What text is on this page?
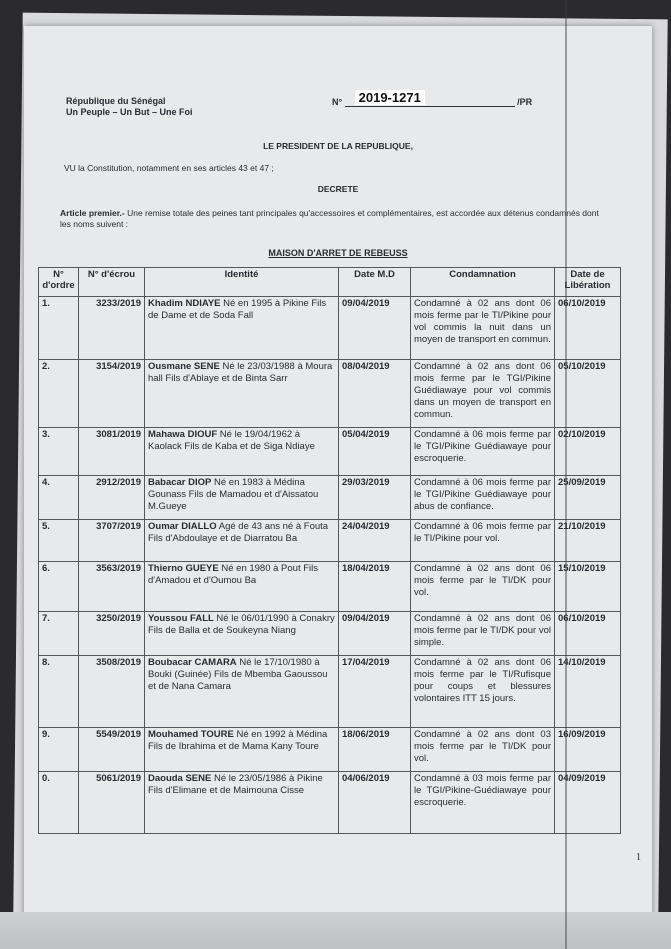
République du Sénégal
Un Peuple – Un But – Une Foi
N°	2019-1271	/PR
LE PRESIDENT DE LA REPUBLIQUE,
VU la Constitution, notamment en ses articles 43 et 47 ;
DECRETE
Article premier.- Une remise totale des peines tant principales qu'accessoires et complémentaires, est accordée aux détenus condamnés dont les noms suivent :
MAISON D'ARRET DE REBEUSS
N° d'ordre	N° d'écrou	Identité	Date M.D	Condamnation	Date de Libération
1.	3233/2019	Khadim NDIAYE Né en 1995 à Pikine Fils de Dame et de Soda Fall	09/04/2019	Condamné à 02 ans dont 06 mois ferme par le TI/Pikine pour vol commis la nuit dans un moyen de transport en commun.	06/10/2019
2.	3154/2019	Ousmane SENE Né le 23/03/1988 à Moura hall Fils d'Ablaye et de Binta Sarr	08/04/2019	Condamné à 02 ans dont 06 mois ferme par le TGI/Pikine Guédiawaye pour vol commis dans un moyen de transport en commun.	05/10/2019
3.	3081/2019	Mahawa DIOUF Né le 19/04/1962 à Kaolack Fils de Kaba et de Siga Ndiaye	05/04/2019	Condamné à 06 mois ferme par le TGI/Pikine Guédiawaye pour escroquerie.	02/10/2019
4.	2912/2019	Babacar DIOP Né en 1983 à Médina Gounass Fils de Mamadou et d'Aissatou M.Gueye	29/03/2019	Condamné à 06 mois ferme par le TGI/Pikine Guédiawaye pour abus de confiance.	25/09/2019
5.	3707/2019	Oumar DIALLO Agé de 43 ans né à Fouta Fils d'Abdoulaye et de Diarratou Ba	24/04/2019	Condamné à 06 mois ferme par le TI/Pikine pour vol.	21/10/2019
6.	3563/2019	Thierno GUEYE Né en 1980 à Pout Fils d'Amadou et d'Oumou Ba	18/04/2019	Condamné à 02 ans dont 06 mois ferme par le TI/DK pour vol.	15/10/2019
7.	3250/2019	Youssou FALL Né le 06/01/1990 à Conakry Fils de Balla et de Soukeyna Niang	09/04/2019	Condamné à 02 ans dont 06 mois ferme par le TI/DK pour vol simple.	06/10/2019
8.	3508/2019	Boubacar CAMARA Né le 17/10/1980 à Bouki (Guinée) Fils de Mbemba Gaoussou et de Nana Camara	17/04/2019	Condamné à 02 ans dont 06 mois ferme par le TI/Rufisque pour coups et blessures volontaires ITT 15 jours.	14/10/2019
9.	5549/2019	Mouhamed TOURE Né en 1992 à Médina Fils de Ibrahima et de Mama Kany Toure	18/06/2019	Condamné à 02 ans dont 03 mois ferme par le TI/DK pour vol.	16/09/2019
0.	5061/2019	Daouda SENE Né le 23/05/1986 à Pikine Fils d'Elimane et de Maimouna Cisse	04/06/2019	Condamné à 03 mois ferme par le TGI/Pikine-Guédiawaye pour escroquerie.	04/09/2019
1
